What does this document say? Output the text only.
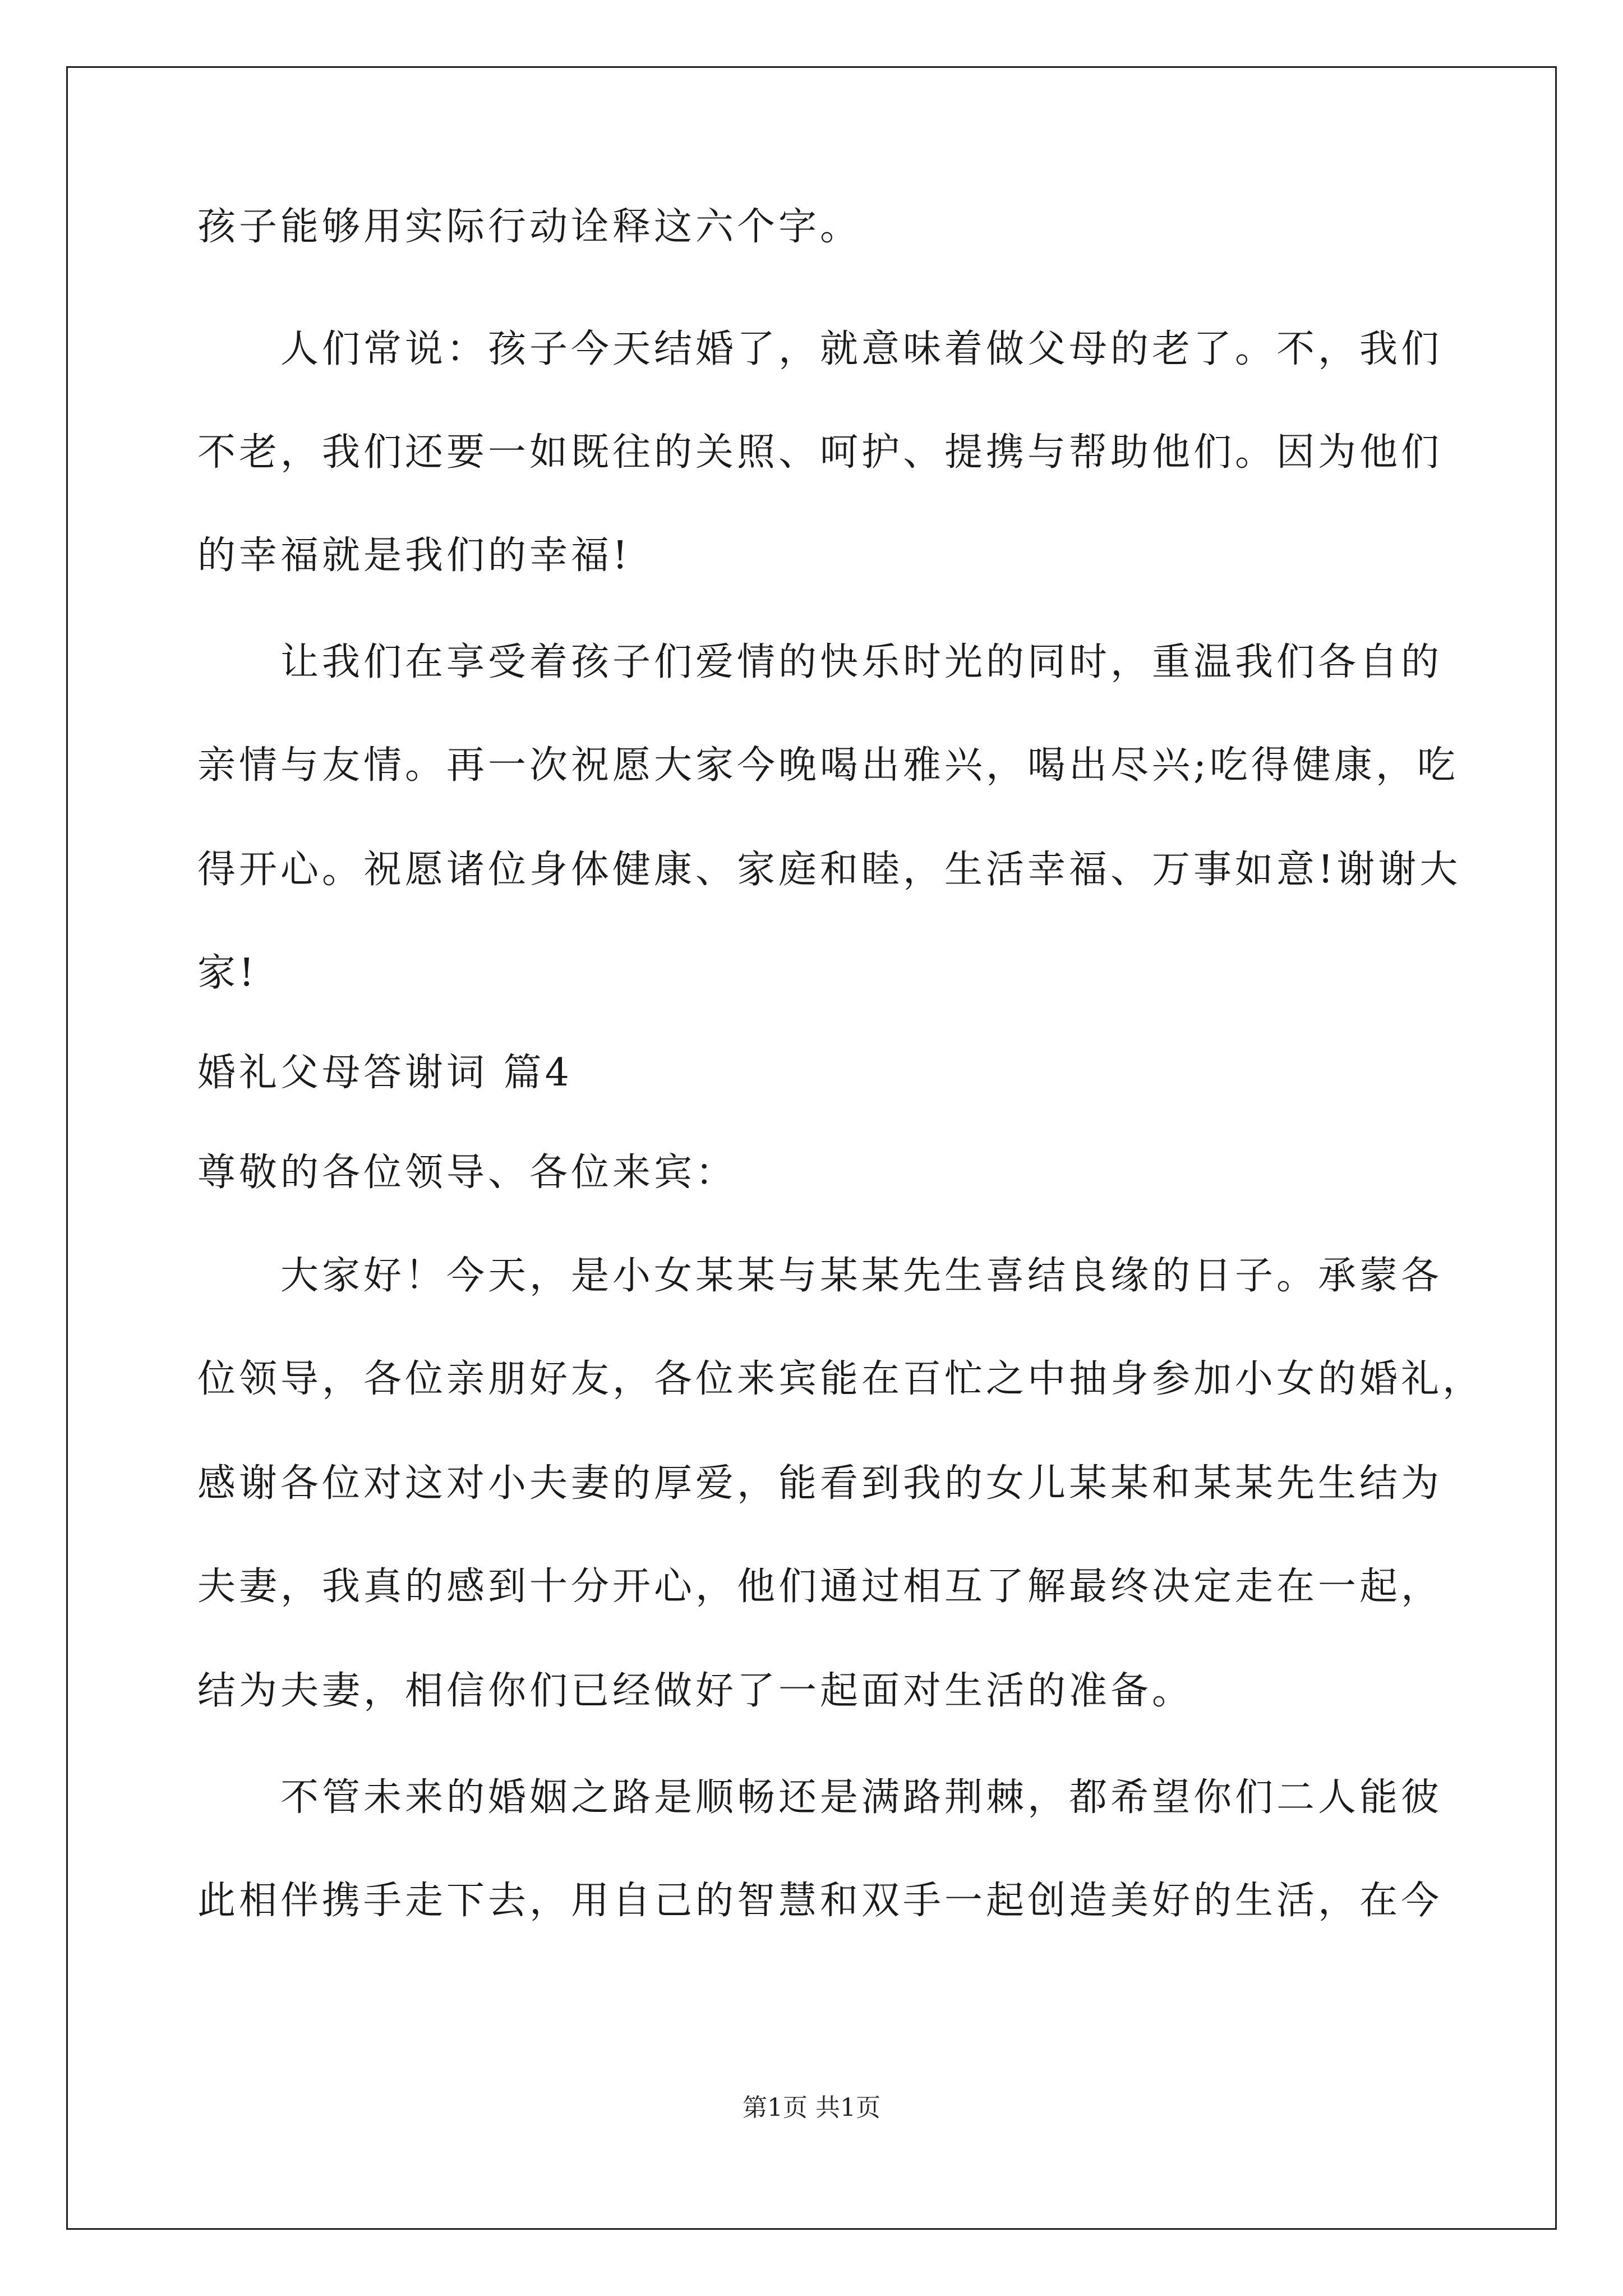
孩子能够用实际行动诠释这六个字。
人们常说：孩子今天结婚了，就意味着做父母的老了。不，我们
不老，我们还要一如既往的关照、呵护、提携与帮助他们。因为他们
的幸福就是我们的幸福!
让我们在享受着孩子们爱情的快乐时光的同时，重温我们各自的
亲情与友情。再一次祝愿大家今晚喝出雅兴，喝出尽兴;吃得健康，吃
得开心。祝愿诸位身体健康、家庭和睦，生活幸福、万事如意!谢谢大
家!
婚礼父母答谢词 篇4
尊敬的各位领导、各位来宾：
大家好！今天，是小女某某与某某先生喜结良缘的日子。承蒙各
位领导，各位亲朋好友，各位来宾能在百忙之中抽身参加小女的婚礼，
感谢各位对这对小夫妻的厚爱，能看到我的女儿某某和某某先生结为
夫妻，我真的感到十分开心，他们通过相互了解最终决定走在一起，
结为夫妻，相信你们已经做好了一起面对生活的准备。
不管未来的婚姻之路是顺畅还是满路荆棘，都希望你们二人能彼
此相伴携手走下去，用自己的智慧和双手一起创造美好的生活，在今
第1页 共1页
